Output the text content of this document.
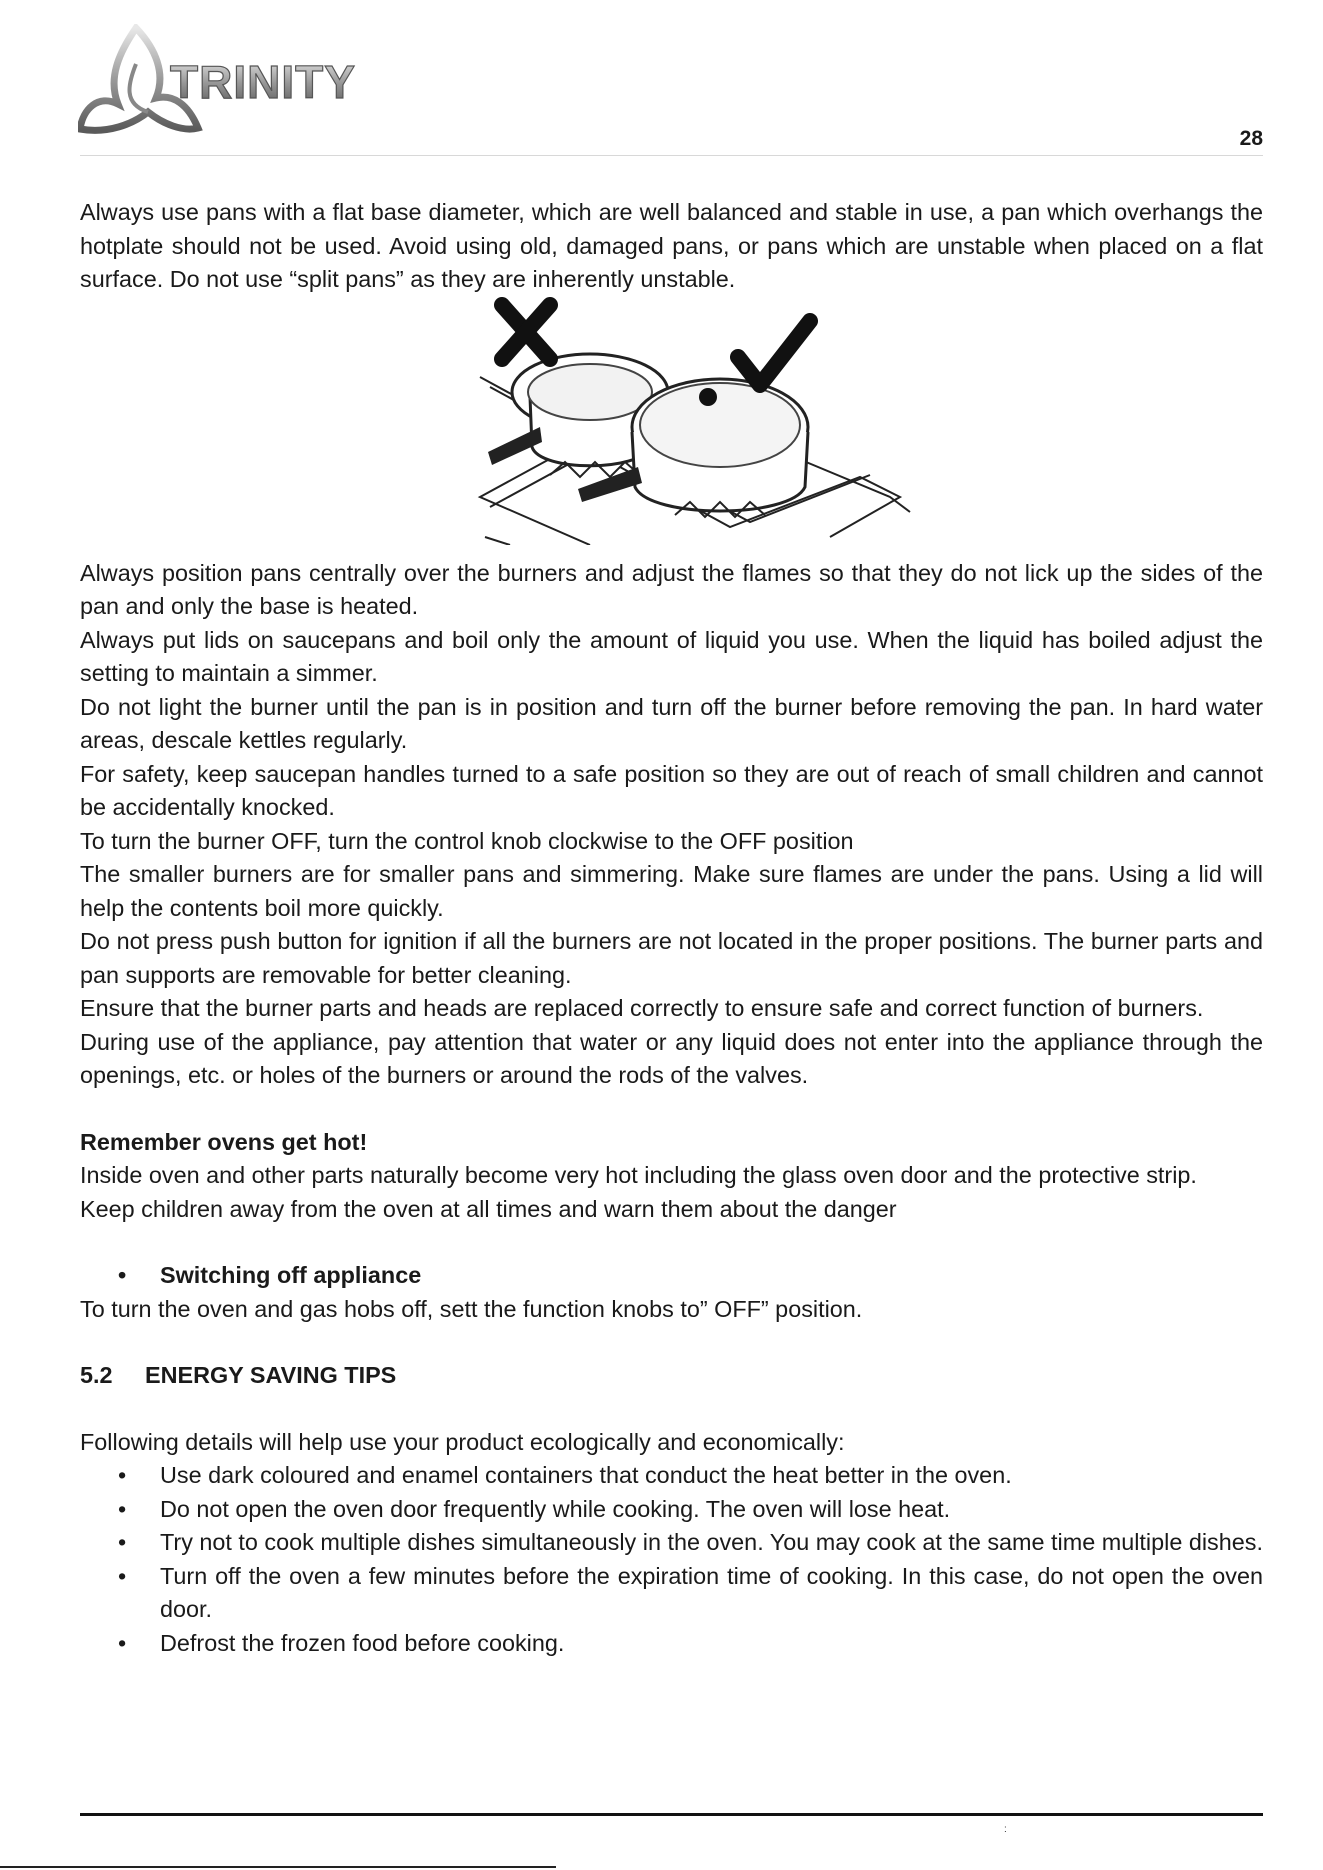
TRINITY
28

Always use pans with a flat base diameter, which are well balanced and stable in use, a pan which overhangs the hotplate should not be used. Avoid using old, damaged pans, or pans which are unstable when placed on a flat surface. Do not use “split pans” as they are inherently unstable.

Always position pans centrally over the burners and adjust the flames so that they do not lick up the sides of the pan and only the base is heated.

Always put lids on saucepans and boil only the amount of liquid you use. When the liquid has boiled adjust the setting to maintain a simmer.

Do not light the burner until the pan is in position and turn off the burner before removing the pan. In hard water areas, descale kettles regularly.

For safety, keep saucepan handles turned to a safe position so they are out of reach of small children and cannot be accidentally knocked.

To turn the burner OFF, turn the control knob clockwise to the OFF position

The smaller burners are for smaller pans and simmering. Make sure flames are under the pans. Using a lid will help the contents boil more quickly.

Do not press push button for ignition if all the burners are not located in the proper positions. The burner parts and pan supports are removable for better cleaning.

Ensure that the burner parts and heads are replaced correctly to ensure safe and correct function of burners.

During use of the appliance, pay attention that water or any liquid does not enter into the appliance through the openings, etc. or holes of the burners or around the rods of the valves.

Remember ovens get hot!

Inside oven and other parts naturally become very hot including the glass oven door and the protective strip.

Keep children away from the oven at all times and warn them about the danger

• Switching off appliance

To turn the oven and gas hobs off, sett the function knobs to” OFF” position.

5.2 ENERGY SAVING TIPS

Following details will help use your product ecologically and economically:

• Use dark coloured and enamel containers that conduct the heat better in the oven.

• Do not open the oven door frequently while cooking. The oven will lose heat.

• Try not to cook multiple dishes simultaneously in the oven. You may cook at the same time multiple dishes.

• Turn off the oven a few minutes before the expiration time of cooking. In this case, do not open the oven door.

• Defrost the frozen food before cooking.

:
